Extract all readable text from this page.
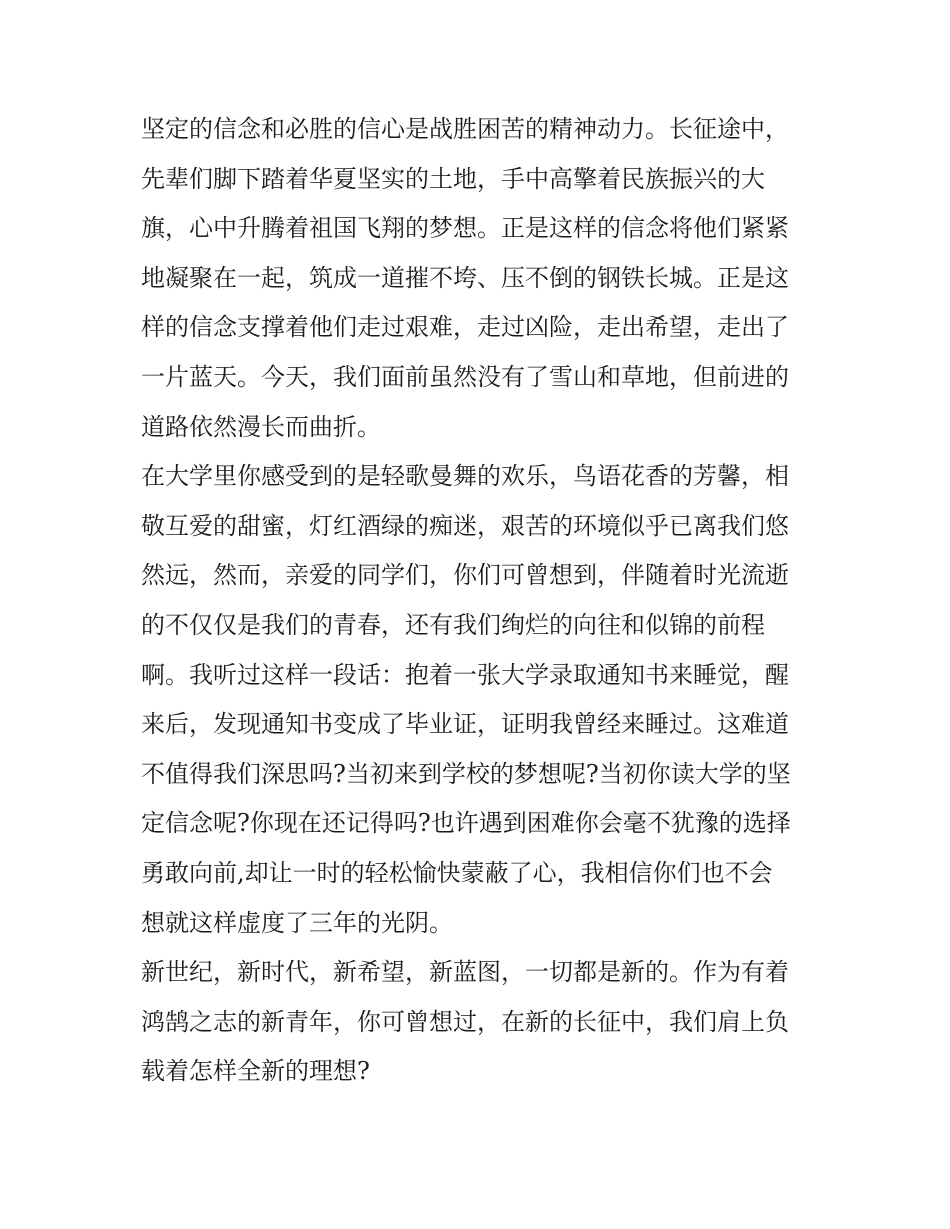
坚定的信念和必胜的信心是战胜困苦的精神动力。长征途中，
先辈们脚下踏着华夏坚实的土地，手中高擎着民族振兴的大
旗，心中升腾着祖国飞翔的梦想。正是这样的信念将他们紧紧
地凝聚在一起，筑成一道摧不垮、压不倒的钢铁长城。正是这
样的信念支撑着他们走过艰难，走过凶险，走出希望，走出了
一片蓝天。今天，我们面前虽然没有了雪山和草地，但前进的
道路依然漫长而曲折。

在大学里你感受到的是轻歌曼舞的欢乐，鸟语花香的芳馨，相
敬互爱的甜蜜，灯红酒绿的痴迷，艰苦的环境似乎已离我们悠
然远，然而，亲爱的同学们，你们可曾想到，伴随着时光流逝
的不仅仅是我们的青春，还有我们绚烂的向往和似锦的前程
啊。我听过这样一段话：抱着一张大学录取通知书来睡觉，醒
来后，发现通知书变成了毕业证，证明我曾经来睡过。这难道
不值得我们深思吗?当初来到学校的梦想呢?当初你读大学的坚
定信念呢?你现在还记得吗?也许遇到困难你会毫不犹豫的选择
勇敢向前,却让一时的轻松愉快蒙蔽了心，我相信你们也不会
想就这样虚度了三年的光阴。

新世纪，新时代，新希望，新蓝图，一切都是新的。作为有着
鸿鹄之志的新青年，你可曾想过，在新的长征中，我们肩上负
载着怎样全新的理想?
